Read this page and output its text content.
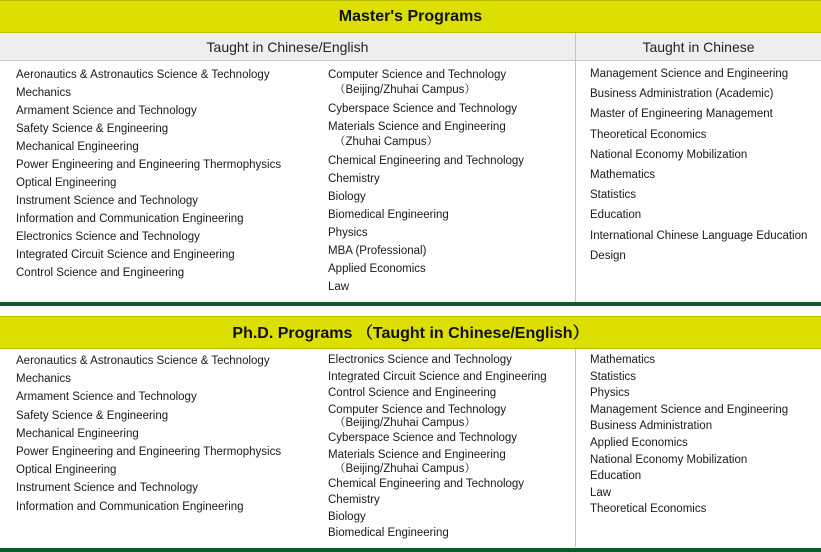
Master's Programs
Taught in Chinese/English	Taught in Chinese
Aeronautics & Astronautics Science & Technology
Mechanics
Armament Science and Technology
Safety Science & Engineering
Mechanical Engineering
Power Engineering and Engineering Thermophysics
Optical Engineering
Instrument Science and Technology
Information and Communication Engineering
Electronics Science and Technology
Integrated Circuit Science and Engineering
Control Science and Engineering
Computer Science and Technology
（Beijing/Zhuhai Campus）
Cyberspace Science and Technology
Materials Science and Engineering
（Zhuhai Campus）
Chemical Engineering and Technology
Chemistry
Biology
Biomedical Engineering
Physics
MBA (Professional)
Applied Economics
Law
Management Science and Engineering
Business Administration (Academic)
Master of Engineering Management
Theoretical Economics
National Economy Mobilization
Mathematics
Statistics
Education
International Chinese Language Education
Design
Ph.D. Programs （Taught in Chinese/English）
Aeronautics & Astronautics Science & Technology
Mechanics
Armament Science and Technology
Safety Science & Engineering
Mechanical Engineering
Power Engineering and Engineering Thermophysics
Optical Engineering
Instrument Science and Technology
Information and Communication Engineering
Electronics Science and Technology
Integrated Circuit Science and Engineering
Control Science and Engineering
Computer Science and Technology
（Beijing/Zhuhai Campus）
Cyberspace Science and Technology
Materials Science and Engineering
（Beijing/Zhuhai Campus）
Chemical Engineering and Technology
Chemistry
Biology
Biomedical Engineering
Mathematics
Statistics
Physics
Management Science and Engineering
Business Administration
Applied Economics
National Economy Mobilization
Education
Law
Theoretical Economics
